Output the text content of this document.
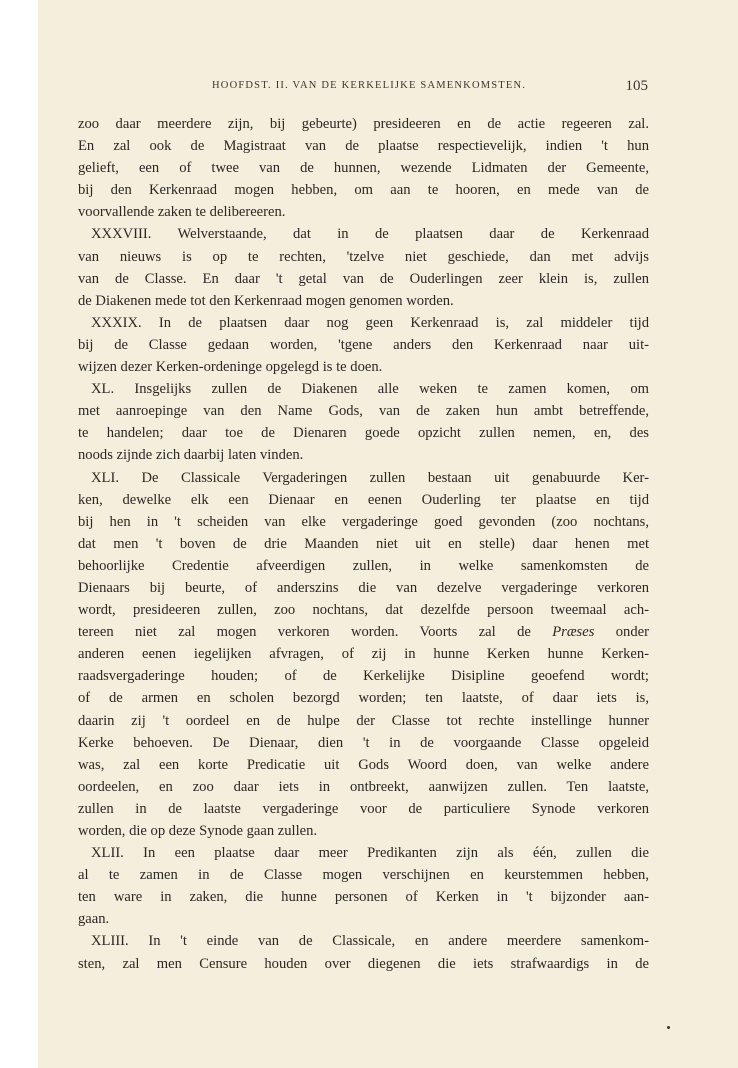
HOOFDST. II. VAN DE KERKELIJKE SAMENKOMSTEN.	105
zoo daar meerdere zijn, bij gebeurte) presideeren en de actie regeeren zal.
En zal ook de Magistraat van de plaatse respectievelijk, indien 't hun
gelieft, een of twee van de hunnen, wezende Lidmaten der Gemeente,
bij den Kerkenraad mogen hebben, om aan te hooren, en mede van de
voorvallende zaken te delibereeren.
XXXVIII. Welverstaande, dat in de plaatsen daar de Kerkenraad
van nieuws is op te rechten, 'tzelve niet geschiede, dan met advijs
van de Classe. En daar 't getal van de Ouderlingen zeer klein is, zullen
de Diakenen mede tot den Kerkenraad mogen genomen worden.
XXXIX. In de plaatsen daar nog geen Kerkenraad is, zal middeler tijd
bij de Classe gedaan worden, 'tgene anders den Kerkenraad naar uit-
wijzen dezer Kerken-ordeninge opgelegd is te doen.
XL. Insgelijks zullen de Diakenen alle weken te zamen komen, om
met aanroepinge van den Name Gods, van de zaken hun ambt betreffende,
te handelen; daar toe de Dienaren goede opzicht zullen nemen, en, des
noods zijnde zich daarbij laten vinden.
XLI. De Classicale Vergaderingen zullen bestaan uit genabuurde Ker-
ken, dewelke elk een Dienaar en eenen Ouderling ter plaatse en tijd
bij hen in 't scheiden van elke vergaderinge goed gevonden (zoo nochtans,
dat men 't boven de drie Maanden niet uit en stelle) daar henen met
behoorlijke Credentie afveerdigen zullen, in welke samenkomsten de
Dienaars bij beurte, of anderszins die van dezelve vergaderinge verkoren
wordt, presideeren zullen, zoo nochtans, dat dezelfde persoon tweemaal ach-
tereen niet zal mogen verkoren worden. Voorts zal de Præses onder
anderen eenen iegelijken afvragen, of zij in hunne Kerken hunne Kerken-
raadsvergaderinge houden; of de Kerkelijke Disipline geoefend wordt;
of de armen en scholen bezorgd worden; ten laatste, of daar iets is,
daarin zij 't oordeel en de hulpe der Classe tot rechte instellinge hunner
Kerke behoeven. De Dienaar, dien 't in de voorgaande Classe opgeleid
was, zal een korte Predicatie uit Gods Woord doen, van welke andere
oordeelen, en zoo daar iets in ontbreekt, aanwijzen zullen. Ten laatste,
zullen in de laatste vergaderinge voor de particuliere Synode verkoren
worden, die op deze Synode gaan zullen.
XLII. In een plaatse daar meer Predikanten zijn als één, zullen die
al te zamen in de Classe mogen verschijnen en keurstemmen hebben,
ten ware in zaken, die hunne personen of Kerken in 't bijzonder aan-
gaan.
XLIII. In 't einde van de Classicale, en andere meerdere samenkom-
sten, zal men Censure houden over diegenen die iets strafwaardigs in de
